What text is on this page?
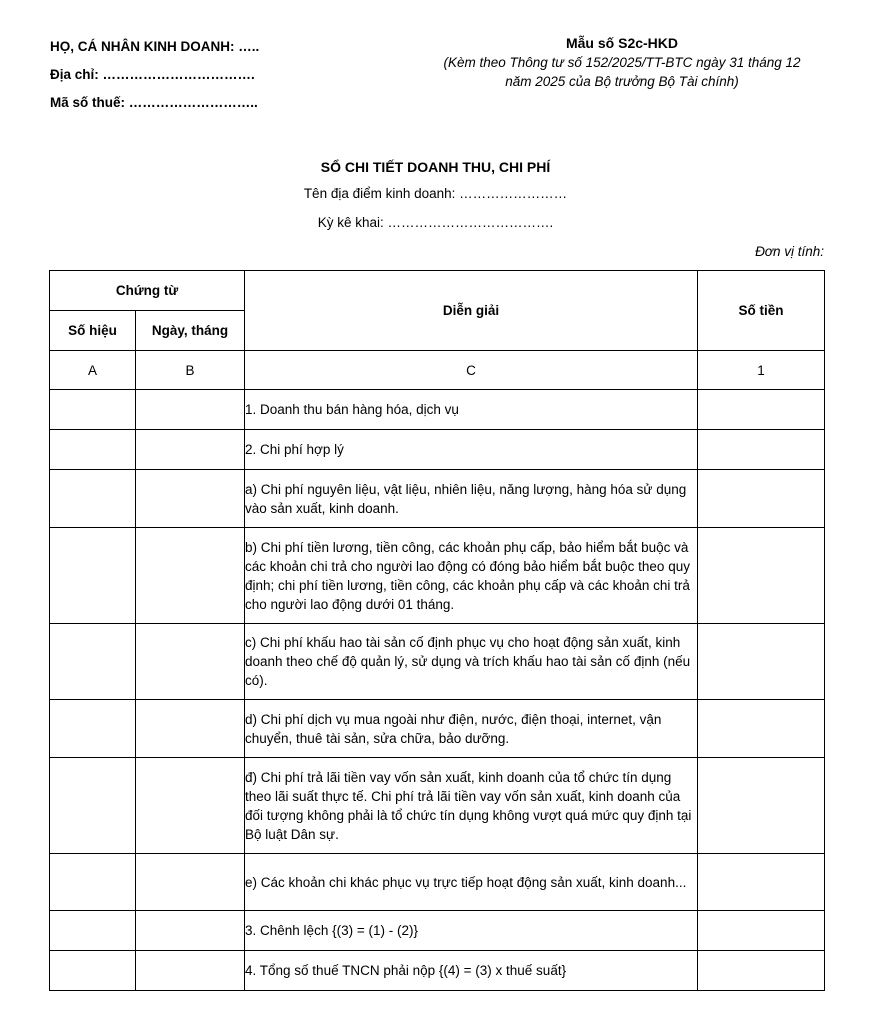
HỌ, CÁ NHÂN KINH DOANH: …..
Địa chỉ: …………………………….
Mã số thuế: ………………………..
Mẫu số S2c-HKD
(Kèm theo Thông tư số 152/2025/TT-BTC ngày 31 tháng 12
năm 2025 của Bộ trưởng Bộ Tài chính)
SỔ CHI TIẾT DOANH THU, CHI PHÍ
Tên địa điểm kinh doanh: ……………………
Kỳ kê khai: ……………………………….
Đơn vị tính:
Chứng từ		Diễn giải	Số tiền
Số hiệu	Ngày, tháng		
A	B	C	1
		1. Doanh thu bán hàng hóa, dịch vụ	
		2. Chi phí hợp lý	
		a) Chi phí nguyên liệu, vật liệu, nhiên liệu, năng lượng, hàng hóa sử dụng vào sản xuất, kinh doanh.	
		b) Chi phí tiền lương, tiền công, các khoản phụ cấp, bảo hiểm bắt buộc và các khoản chi trả cho người lao động có đóng bảo hiểm bắt buộc theo quy định; chi phí tiền lương, tiền công, các khoản phụ cấp và các khoản chi trả cho người lao động dưới 01 tháng.	
		c) Chi phí khấu hao tài sản cố định phục vụ cho hoạt động sản xuất, kinh doanh theo chế độ quản lý, sử dụng và trích khấu hao tài sản cố định (nếu có).	
		d) Chi phí dịch vụ mua ngoài như điện, nước, điện thoại, internet, vận chuyển, thuê tài sản, sửa chữa, bảo dưỡng.	
		đ) Chi phí trả lãi tiền vay vốn sản xuất, kinh doanh của tổ chức tín dụng theo lãi suất thực tế. Chi phí trả lãi tiền vay vốn sản xuất, kinh doanh của đối tượng không phải là tổ chức tín dụng không vượt quá mức quy định tại Bộ luật Dân sự.	
		e) Các khoản chi khác phục vụ trực tiếp hoạt động sản xuất, kinh doanh...	
		3. Chênh lệch {(3) = (1) - (2)}	
		4. Tổng số thuế TNCN phải nộp {(4) = (3) x thuế suất}	
